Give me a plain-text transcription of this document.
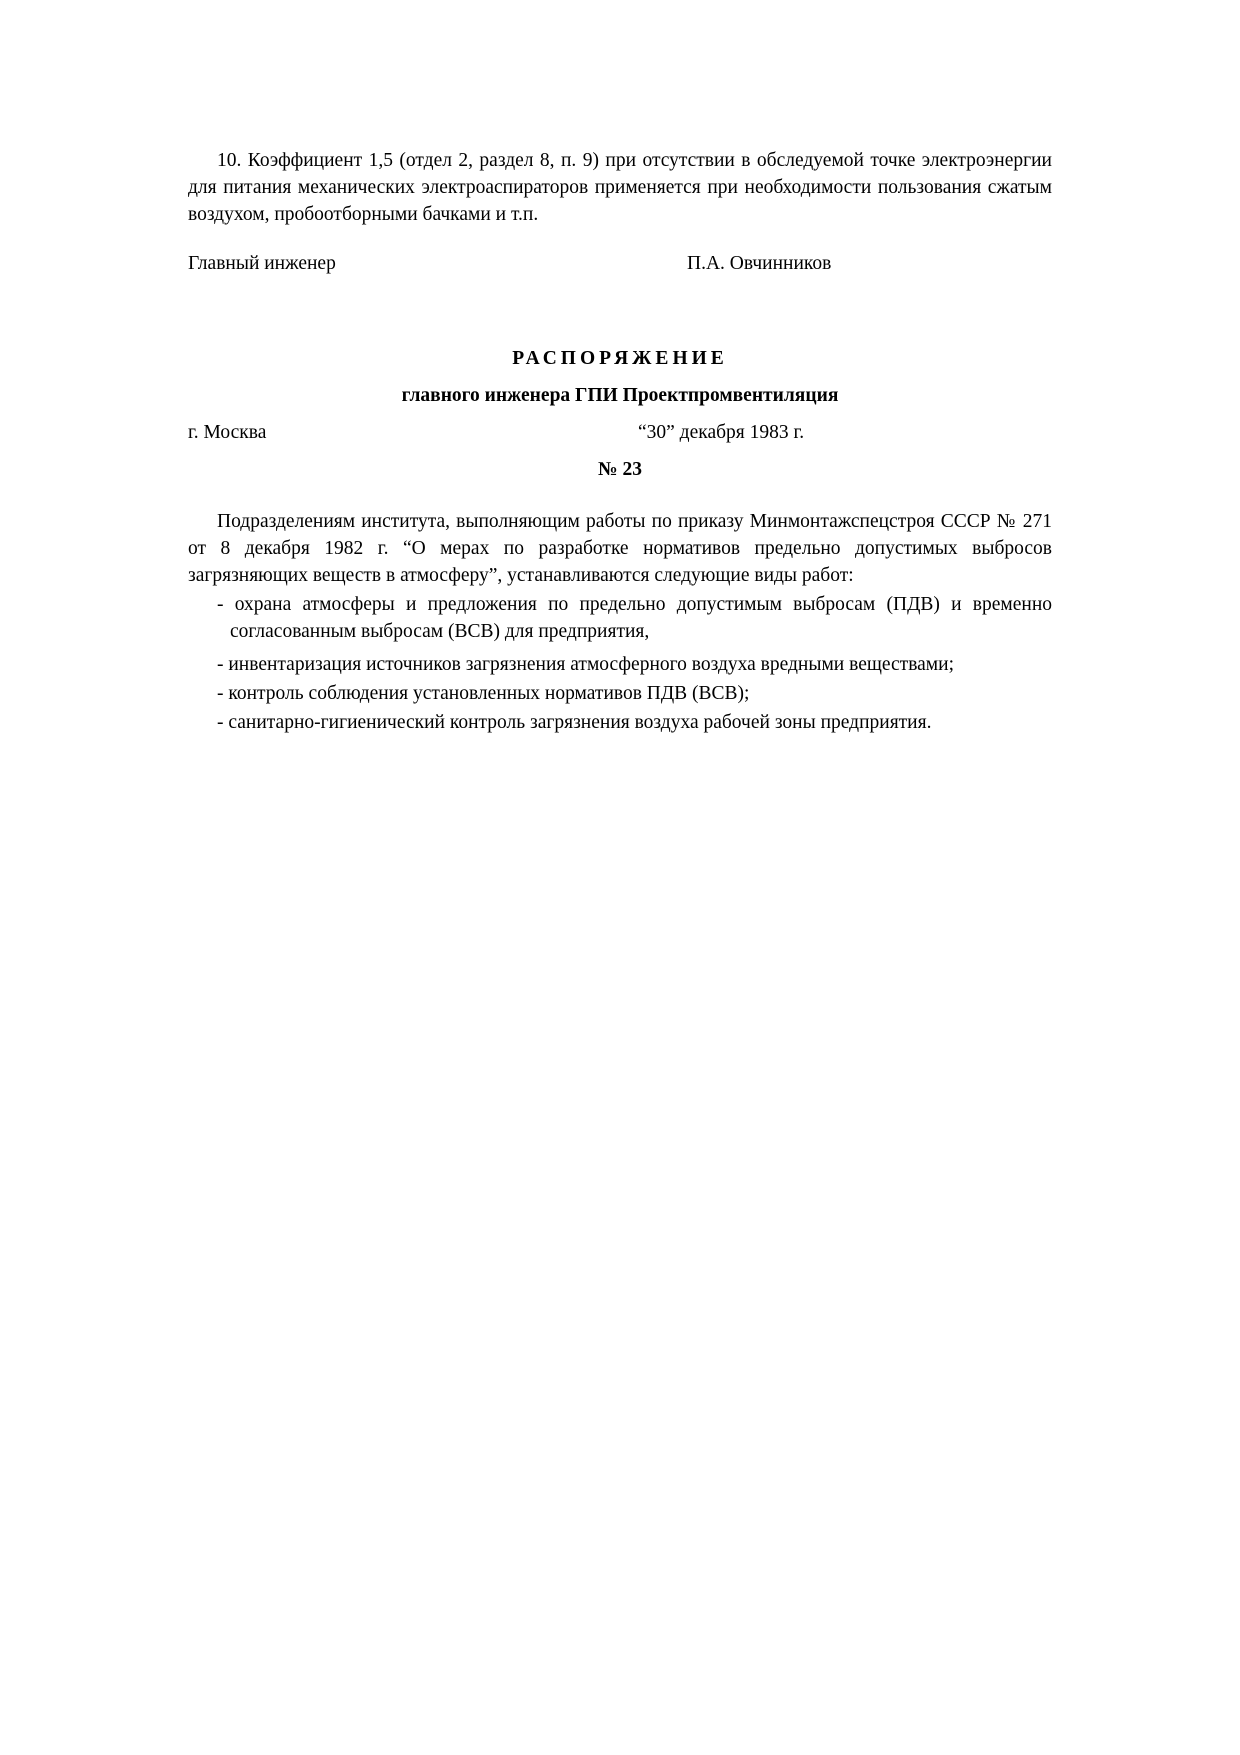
10. Коэффициент 1,5 (отдел 2, раздел 8, п. 9) при отсутствии в обследуемой точке электроэнергии для питания механических электроаспираторов применяется при необходимости пользования сжатым воздухом, пробоотборными бачками и т.п.

Главный инженер	П.А. Овчинников
РАСПОРЯЖЕНИЕ
главного инженера ГПИ Проектпромвентиляция
г. Москва	“30” декабря 1983 г.
№ 23

Подразделениям института, выполняющим работы по приказу Минмонтажспецстроя СССР № 271 от 8 декабря 1982 г. “О мерах по разработке нормативов предельно допустимых выбросов загрязняющих веществ в атмосферу”, устанавливаются следующие виды работ:

- охрана атмосферы и предложения по предельно допустимым выбросам (ПДВ) и временно согласованным выбросам (ВСВ) для предприятия,
- инвентаризация источников загрязнения атмосферного воздуха вредными веществами;
- контроль соблюдения установленных нормативов ПДВ (ВСВ);
- санитарно-гигиенический контроль загрязнения воздуха рабочей зоны предприятия.
